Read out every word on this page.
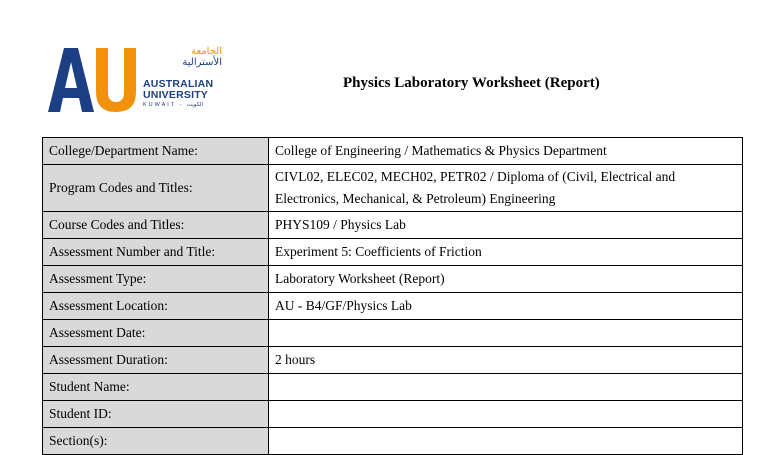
الجامعة
الأسترالية
AUSTRALIAN
UNIVERSITY
KUWAIT - الكويت
Physics Laboratory Worksheet (Report)
College/Department Name:	College of Engineering / Mathematics & Physics Department
Program Codes and Titles:	CIVL02, ELEC02, MECH02, PETR02 / Diploma of (Civil, Electrical and Electronics, Mechanical, & Petroleum) Engineering
Course Codes and Titles:	PHYS109 / Physics Lab
Assessment Number and Title:	Experiment 5: Coefficients of Friction
Assessment Type:	Laboratory Worksheet (Report)
Assessment Location:	AU - B4/GF/Physics Lab
Assessment Date:	
Assessment Duration:	2 hours
Student Name:	
Student ID:	
Section(s):	
